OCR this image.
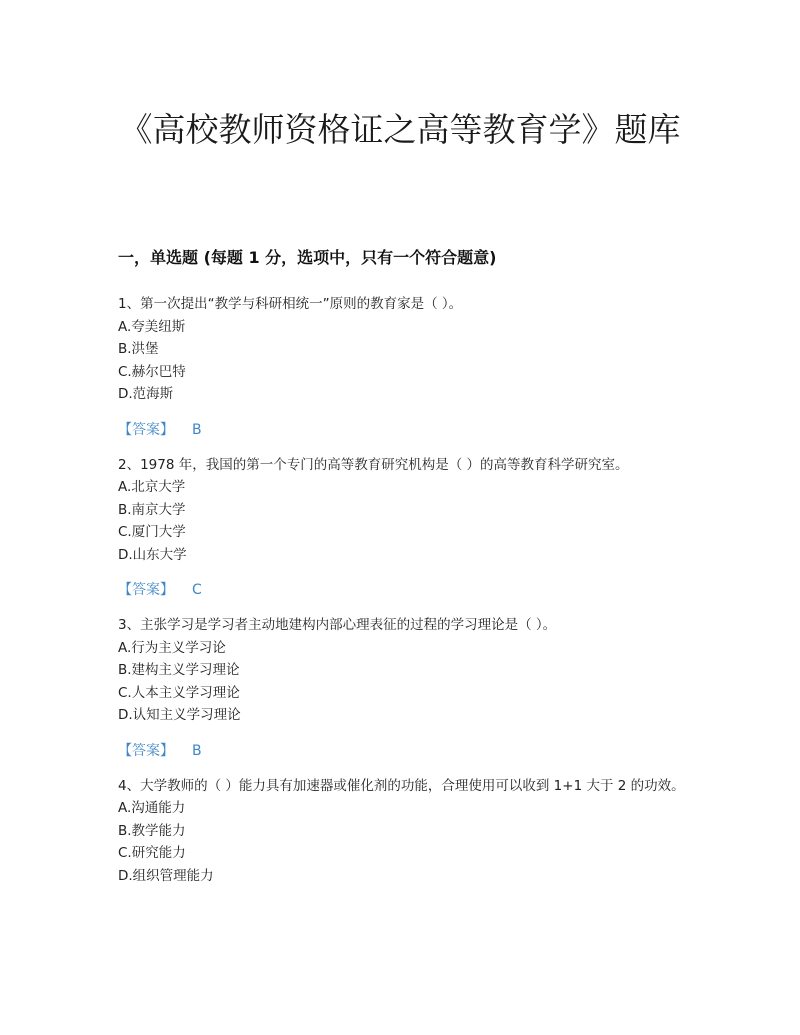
《高校教师资格证之高等教育学》题库
一，单选题 (每题 1 分，选项中，只有一个符合题意)

1、第一次提出“教学与科研相统一”原则的教育家是（ ）。

A.夸美纽斯

B.洪堡

C.赫尔巴特

D.范海斯

【答案】 B

2、1978 年，我国的第一个专门的高等教育研究机构是（ ）的高等教育科学研究室。

A.北京大学

B.南京大学

C.厦门大学

D.山东大学

【答案】 C

3、主张学习是学习者主动地建构内部心理表征的过程的学习理论是（ ）。

A.行为主义学习论

B.建构主义学习理论

C.人本主义学习理论

D.认知主义学习理论

【答案】 B

4、大学教师的（ ）能力具有加速器或催化剂的功能，合理使用可以收到 1+1 大于 2 的功效。

A.沟通能力

B.教学能力

C.研究能力

D.组织管理能力
